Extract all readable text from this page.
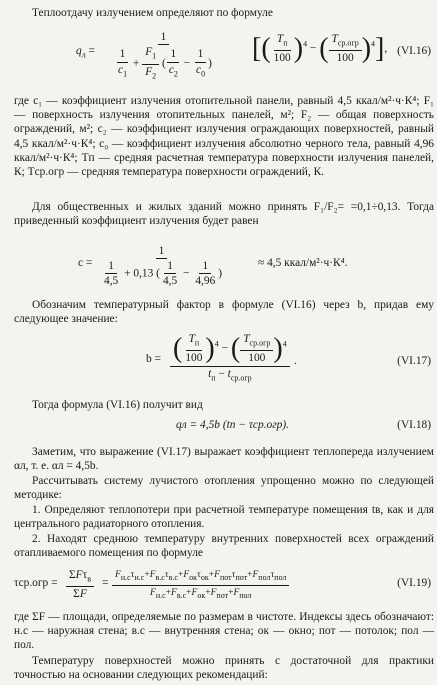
Теплоотдачу излучением определяют по формуле
$q_л$ =
1
$\frac{1}{c_1} + \frac{F_1}{F_2}$ ( $\frac{1}{c_2} - \frac{1}{c_0}$ ) [( $\frac{T_п}{100} )^4$ − ( $\frac{T_{ср.огр}}{100} )^4$], (VI.16)
где c₁ — коэффициент излучения отопительной панели, равный 4,5 ккал/м²·ч·К⁴; F₁ — поверхность излучения отопительных панелей, м²; F₂ — общая поверхность ограждений, м²; c₂ — коэффициент излучения ограждающих поверхностей, равный 4,5 ккал/м²·ч·К⁴; c₀ — коэффициент излучения абсолютно черного тела, равный 4,96 ккал/м²·ч·К⁴; Tп — средняя расчетная температура поверхности излучения панелей, К; Tср.огр — средняя температура поверхности ограждений, К.
Для общественных и жилых зданий можно принять F₁/F₂= =0,1÷0,13. Тогда приведенный коэффициент излучения будет равен
$c = \frac{1}{\frac{1}{4,5} + 0,13 ( \frac{1}{4,5} - \frac{1}{4,96} )}$	≈ 4,5 ккал/м²·ч·К⁴.
Обозначим температурный фактор в формуле (VI.16) через b, придав ему следующее значение:
b = ( $\frac{T_п}{100} )^4$ − ( $\frac{T_{ср.огр}}{100} )^4$
$t_п - t_{ср.огр}$
.	(VI.17)
Тогда формула (VI.16) получит вид
qл = 4,5b (tп − τср.огр).	(VI.18)
Заметим, что выражение (VI.17) выражает коэффициент теплопереда излучением αл, т. е. αл = 4,5b.
Рассчитывать систему лучистого отопления упрощенно можно по следующей методике:
1. Определяют теплопотери при расчетной температуре помещения tв, как и для центрального радиаторного отопления.
2. Находят среднюю температуру внутренних поверхностей всех ограждений отапливаемого помещения по формуле
τср.огр =
ΣFτ$_в$
ΣF
=
$F_{н.с}\tau_{н.с}+F_{в.с}\tau_{в.с}+F_{ок}\tau_{ок}+F_{пот}\tau_{пот}+F_{пол}\tau_{пол}$
$F_{н.с}+F_{в.с}+F_{ок}+F_{пот}+F_{пол}$
(VI.19)
где ΣF — площади, определяемые по размерам в чистоте. Индексы здесь обозначают: н.с — наружная стена; в.с — внутренняя стена; ок — окно; пот — потолок; пол — пол.
Температуру поверхностей можно принять с достаточной для практики точностью на основании следующих рекомендаций:
